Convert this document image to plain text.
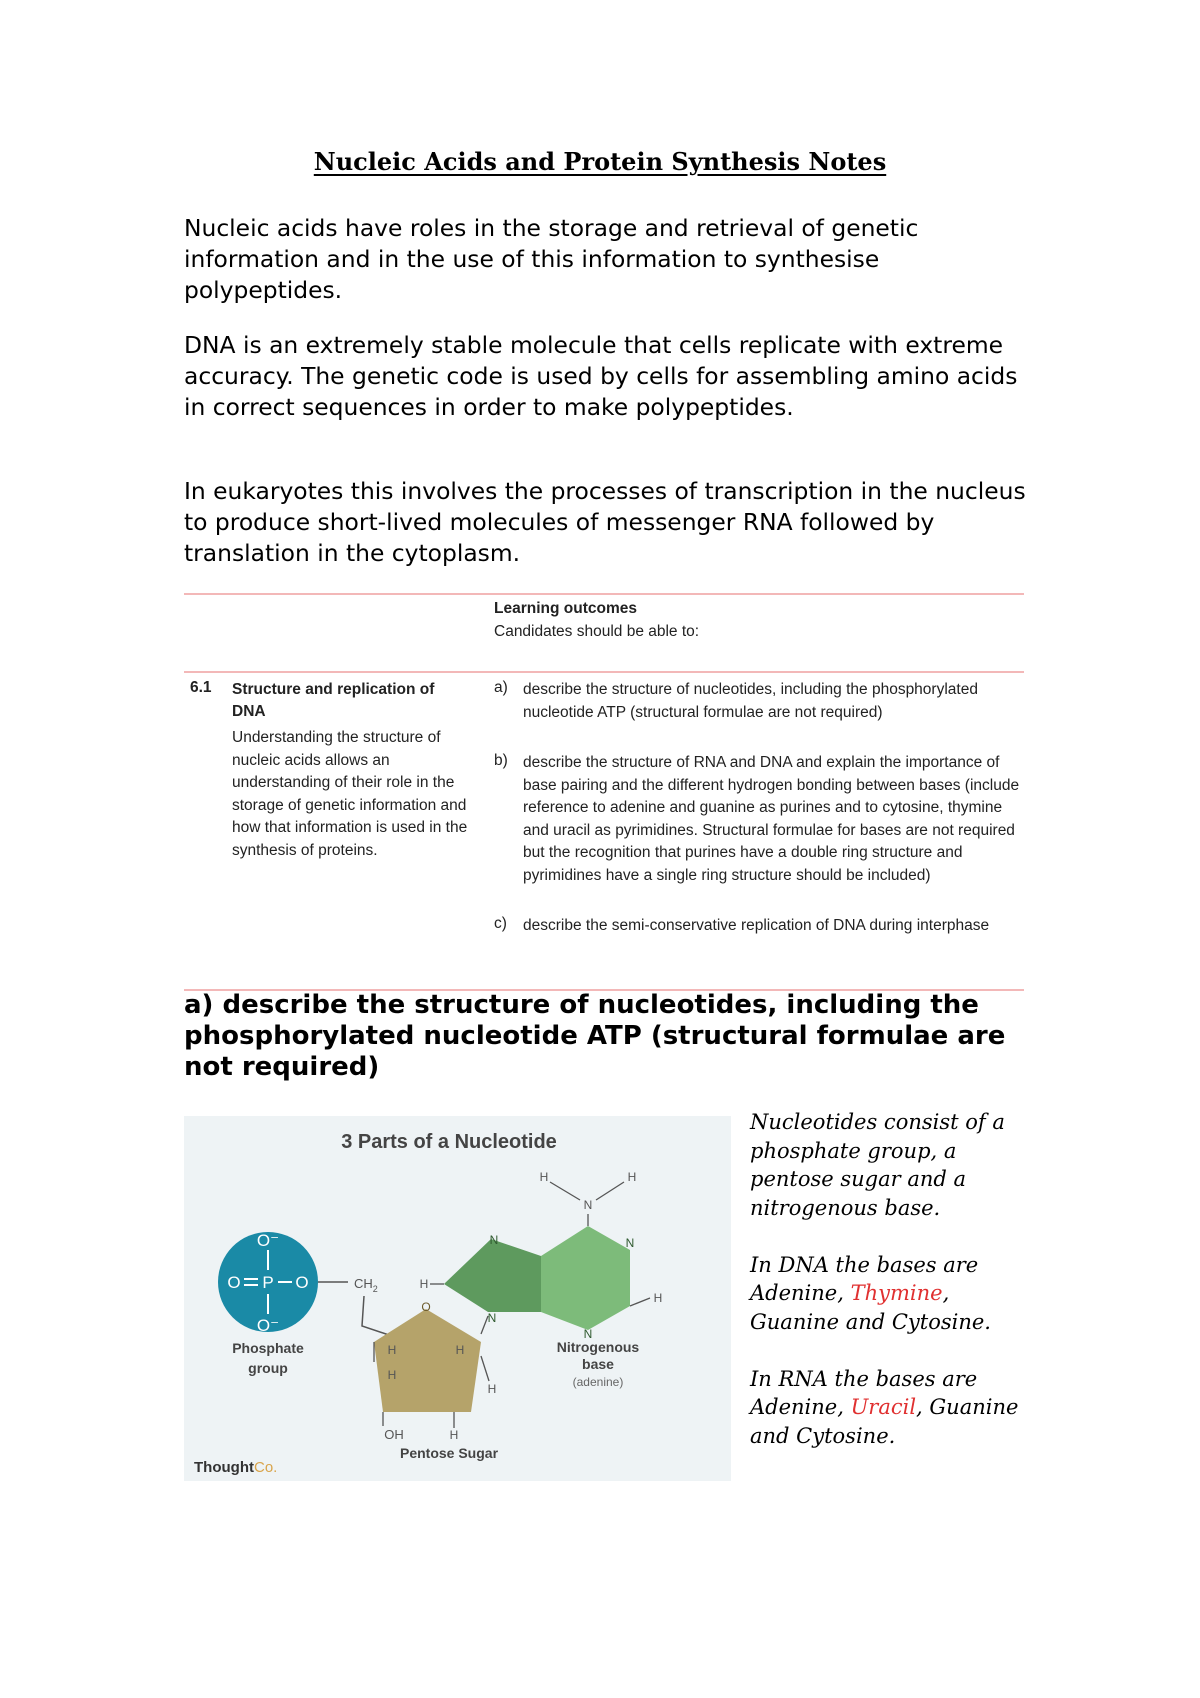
Nucleic Acids and Protein Synthesis Notes

Nucleic acids have roles in the storage and retrieval of genetic information and in the use of this information to synthesise polypeptides.

DNA is an extremely stable molecule that cells replicate with extreme accuracy. The genetic code is used by cells for assembling amino acids in correct sequences in order to make polypeptides.

In eukaryotes this involves the processes of transcription in the nucleus to produce short-lived molecules of messenger RNA followed by translation in the cytoplasm.

Learning outcomes
Candidates should be able to:
6.1 Structure and replication of DNA
Understanding the structure of nucleic acids allows an understanding of their role in the storage of genetic information and how that information is used in the synthesis of proteins.
a) describe the structure of nucleotides, including the phosphorylated nucleotide ATP (structural formulae are not required)
b) describe the structure of RNA and DNA and explain the importance of base pairing and the different hydrogen bonding between bases (include reference to adenine and guanine as purines and to cytosine, thymine and uracil as pyrimidines. Structural formulae for bases are not required but the recognition that purines have a double ring structure and pyrimidines have a single ring structure should be included)
c) describe the semi-conservative replication of DNA during interphase
a) describe the structure of nucleotides, including the phosphorylated nucleotide ATP (structural formulae are not required)
3 Parts of a Nucleotide
O⁻
O⁻
O P O
Phosphate
group
$CH_2$
O
H	H
H
H
H
OH
Pentose Sugar
N
N
N
N
N
H	H
H
H
Nitrogenous
base
(adenine)
ThoughtCo.

Nucleotides consist of a phosphate group, a pentose sugar and a nitrogenous base.

In DNA the bases are Adenine, Thymine, Guanine and Cytosine.

In RNA the bases are Adenine, Uracil, Guanine and Cytosine.
